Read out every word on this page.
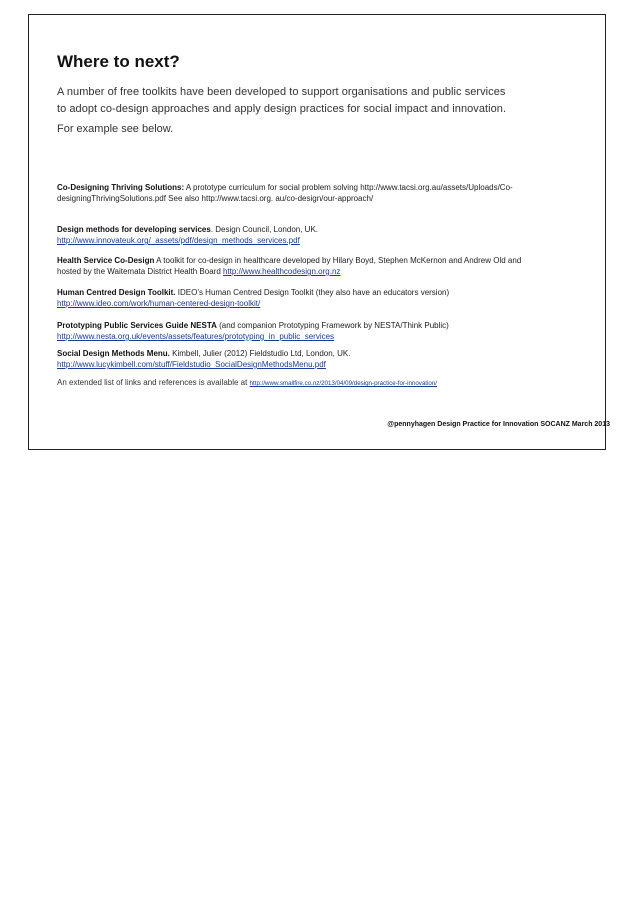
Where to next?

A number of free toolkits have been developed to support organisations and public services to adopt co-design approaches and apply design practices for social impact and innovation.

For example see below.

Co-Designing Thriving Solutions: A prototype curriculum for social problem solving http://www.tacsi.org.au/assets/Uploads/Co-designingThrivingSolutions.pdf See also http://www.tacsi.org. au/co-design/our-approach/

Design methods for developing services. Design Council, London, UK. http://www.innovateuk.org/_assets/pdf/design_methods_services.pdf

Health Service Co-Design A toolkit for co-design in healthcare developed by Hilary Boyd, Stephen McKernon and Andrew Old and hosted by the Waitemata District Health Board http://www.healthcodesign.org.nz

Human Centred Design Toolkit. IDEO’s Human Centred Design Toolkit (they also have an educators version) http://www.ideo.com/work/human-centered-design-toolkit/

Prototyping Public Services Guide NESTA (and companion Prototyping Framework by NESTA/Think Public) http://www.nesta.org.uk/events/assets/features/prototyping_in_public_services

Social Design Methods Menu. Kimbell, Julier (2012) Fieldstudio Ltd, London, UK. http://www.lucykimbell.com/stuff/Fieldstudio_SocialDesignMethodsMenu.pdf

An extended list of links and references is available at http://www.smallfire.co.nz/2013/04/09/design-practice-for-innovation/

@pennyhagen Design Practice for Innovation SOCANZ March 2013
